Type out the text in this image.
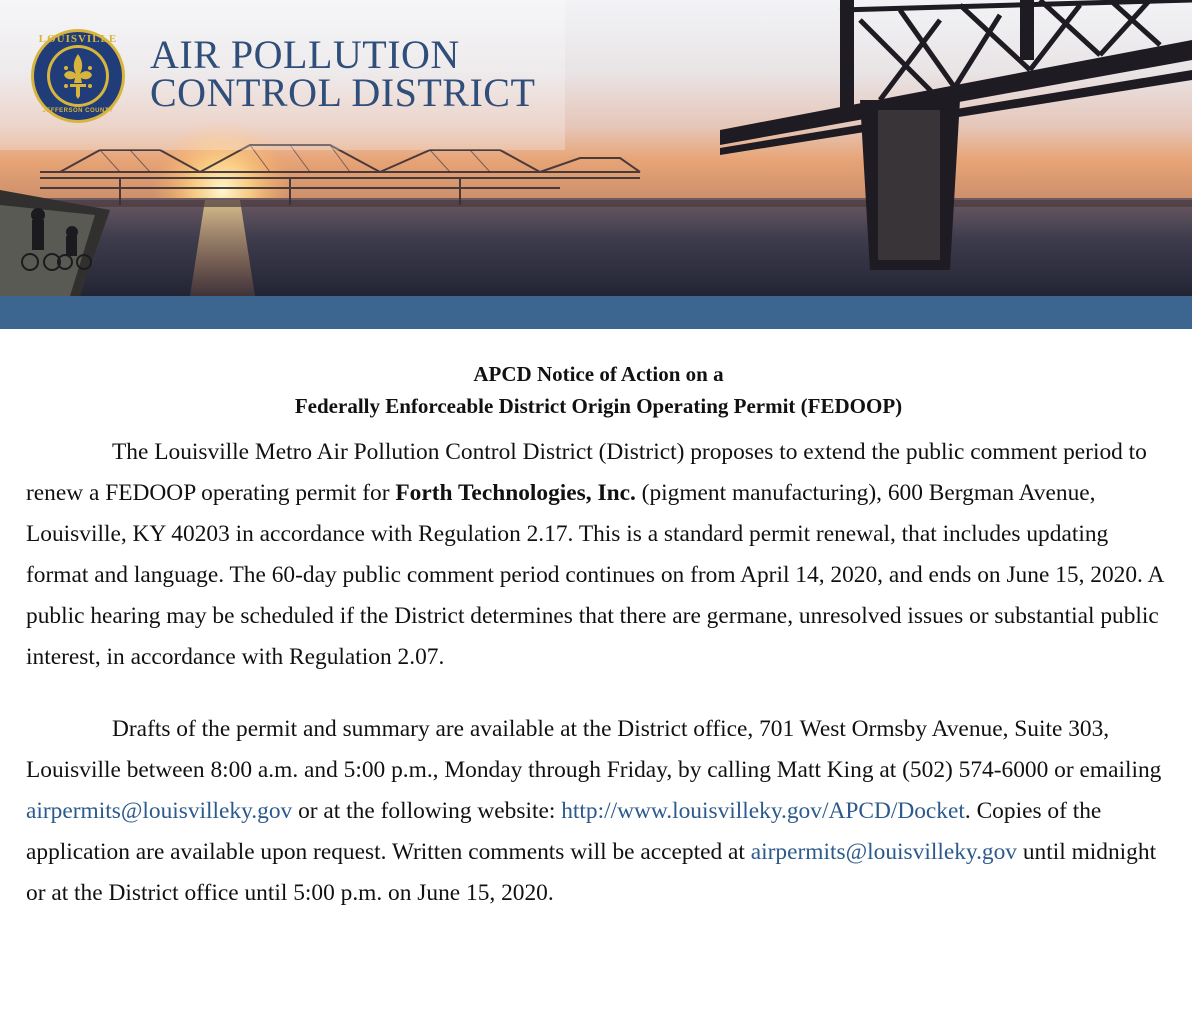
LOUISVILLE
JEFFERSON COUNTY
AIR POLLUTION
CONTROL DISTRICT
APCD Notice of Action on a
Federally Enforceable District Origin Operating Permit (FEDOOP)

The Louisville Metro Air Pollution Control District (District) proposes to extend the public comment period to renew a FEDOOP operating permit for Forth Technologies, Inc. (pigment manufacturing), 600 Bergman Avenue, Louisville, KY 40203 in accordance with Regulation 2.17. This is a standard permit renewal, that includes updating format and language. The 60-day public comment period continues on from April 14, 2020, and ends on June 15, 2020. A public hearing may be scheduled if the District determines that there are germane, unresolved issues or substantial public interest, in accordance with Regulation 2.07.

Drafts of the permit and summary are available at the District office, 701 West Ormsby Avenue, Suite 303, Louisville between 8:00 a.m. and 5:00 p.m., Monday through Friday, by calling Matt King at (502) 574-6000 or emailing airpermits@louisvilleky.gov or at the following website: http://www.louisvilleky.gov/APCD/Docket. Copies of the application are available upon request. Written comments will be accepted at airpermits@louisvilleky.gov until midnight or at the District office until 5:00 p.m. on June 15, 2020.
